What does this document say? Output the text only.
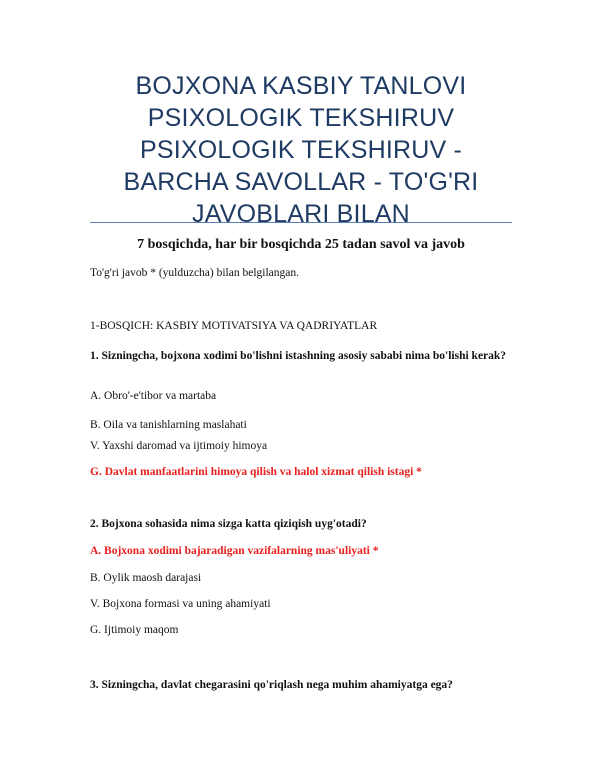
BOJXONA KASBIY TANLOVI PSIXOLOGIK TEKSHIRUV PSIXOLOGIK TEKSHIRUV - BARCHA SAVOLLAR - TO'G'RI JAVOBLARI BILAN
7 bosqichda, har bir bosqichda 25 tadan savol va javob
To'g'ri javob * (yulduzcha) bilan belgilangan.
1-BOSQICH: KASBIY MOTIVATSIYA VA QADRIYATLAR
1. Sizningcha, bojxona xodimi bo'lishni istashning asosiy sababi nima bo'lishi kerak?
A. Obro'-e'tibor va martaba
B. Oila va tanishlarning maslahati
V. Yaxshi daromad va ijtimoiy himoya
G. Davlat manfaatlarini himoya qilish va halol xizmat qilish istagi *
2. Bojxona sohasida nima sizga katta qiziqish uyg'otadi?
A. Bojxona xodimi bajaradigan vazifalarning mas'uliyati *
B. Oylik maosh darajasi
V. Bojxona formasi va uning ahamiyati
G. Ijtimoiy maqom
3. Sizningcha, davlat chegarasini qo'riqlash nega muhim ahamiyatga ega?
